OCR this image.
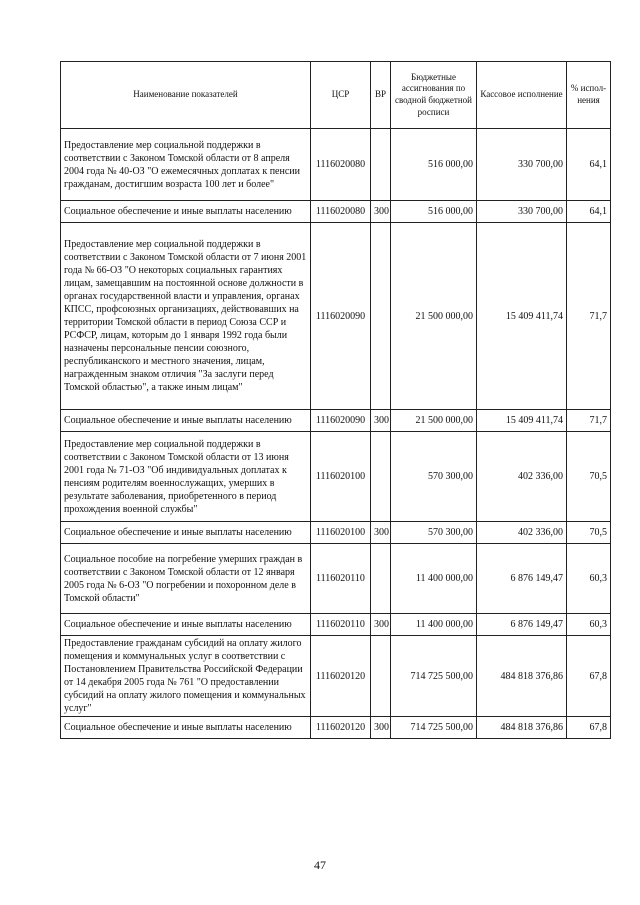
Наименование показателей	ЦСР	ВР	Бюджетные ассигнования по сводной бюджетной росписи	Кассовое исполнение	% испол-нения
Предоставление мер социальной поддержки в соответствии с Законом Томской области от 8 апреля 2004 года № 40-ОЗ "О ежемесячных доплатах к пенсии гражданам, достигшим возраста 100 лет и более"	1116020080		516 000,00	330 700,00	64,1
Социальное обеспечение и иные выплаты населению	1116020080	300	516 000,00	330 700,00	64,1
Предоставление мер социальной поддержки в соответствии с Законом Томской области от 7 июня 2001 года № 66-ОЗ "О некоторых социальных гарантиях лицам, замещавшим на постоянной основе должности в органах государственной власти и управления, органах КПСС, профсоюзных организациях, действовавших на территории Томской области в период Союза ССР и РСФСР, лицам, которым до 1 января 1992 года были назначены персональные пенсии союзного, республиканского и местного значения, лицам, награжденным знаком отличия "За заслуги перед Томской областью", а также иным лицам"	1116020090		21 500 000,00	15 409 411,74	71,7
Социальное обеспечение и иные выплаты населению	1116020090	300	21 500 000,00	15 409 411,74	71,7
Предоставление мер социальной поддержки в соответствии с Законом Томской области от 13 июня 2001 года № 71-ОЗ "Об индивидуальных доплатах к пенсиям родителям военнослужащих, умерших в результате заболевания, приобретенного в период прохождения военной службы"	1116020100		570 300,00	402 336,00	70,5
Социальное обеспечение и иные выплаты населению	1116020100	300	570 300,00	402 336,00	70,5
Социальное пособие на погребение умерших граждан в соответствии с Законом Томской области от 12 января 2005 года № 6-ОЗ "О погребении и похоронном деле в Томской области"	1116020110		11 400 000,00	6 876 149,47	60,3
Социальное обеспечение и иные выплаты населению	1116020110	300	11 400 000,00	6 876 149,47	60,3
Предоставление гражданам субсидий на оплату жилого помещения и коммунальных услуг в соответствии с Постановлением Правительства Российской Федерации от 14 декабря 2005 года № 761 "О предоставлении субсидий на оплату жилого помещения и коммунальных услуг"	1116020120		714 725 500,00	484 818 376,86	67,8
Социальное обеспечение и иные выплаты населению	1116020120	300	714 725 500,00	484 818 376,86	67,8
47
